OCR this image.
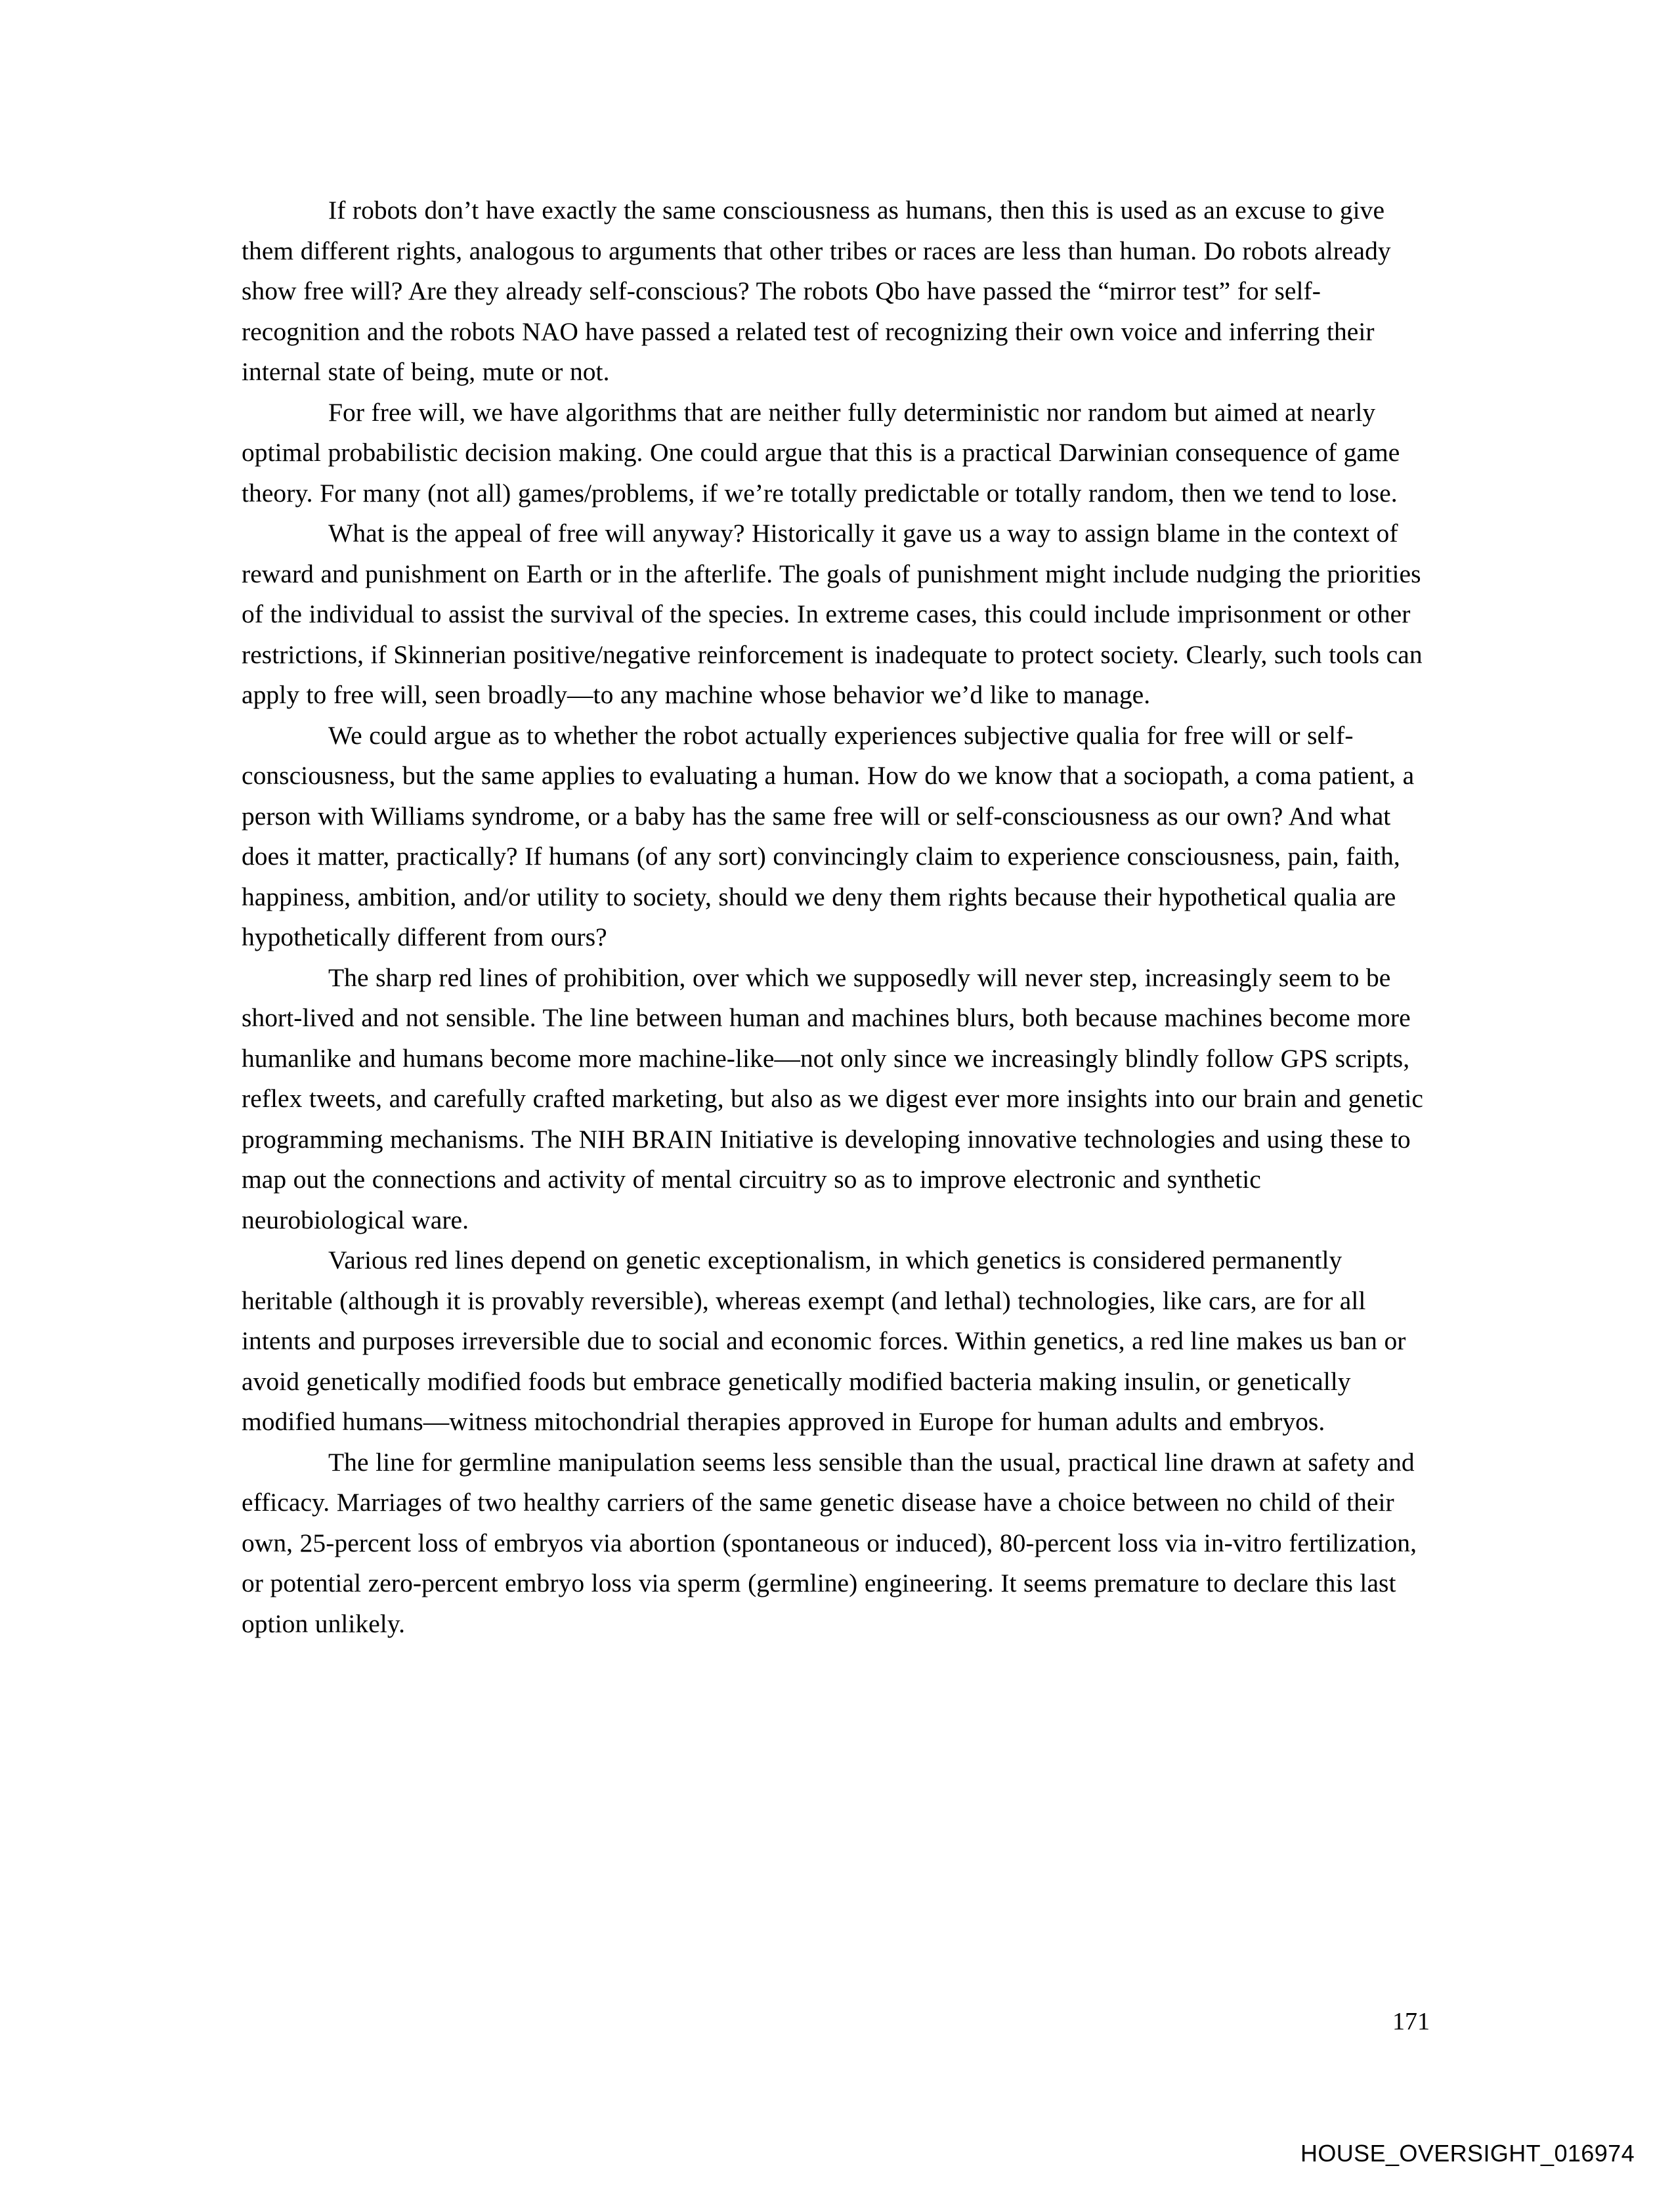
If robots don’t have exactly the same consciousness as humans, then this is used as an excuse to give them different rights, analogous to arguments that other tribes or races are less than human. Do robots already show free will? Are they already self-conscious? The robots Qbo have passed the “mirror test” for self-recognition and the robots NAO have passed a related test of recognizing their own voice and inferring their internal state of being, mute or not.

For free will, we have algorithms that are neither fully deterministic nor random but aimed at nearly optimal probabilistic decision making. One could argue that this is a practical Darwinian consequence of game theory. For many (not all) games/problems, if we’re totally predictable or totally random, then we tend to lose.

What is the appeal of free will anyway? Historically it gave us a way to assign blame in the context of reward and punishment on Earth or in the afterlife. The goals of punishment might include nudging the priorities of the individual to assist the survival of the species. In extreme cases, this could include imprisonment or other restrictions, if Skinnerian positive/negative reinforcement is inadequate to protect society. Clearly, such tools can apply to free will, seen broadly—to any machine whose behavior we’d like to manage.

We could argue as to whether the robot actually experiences subjective qualia for free will or self-consciousness, but the same applies to evaluating a human. How do we know that a sociopath, a coma patient, a person with Williams syndrome, or a baby has the same free will or self-consciousness as our own? And what does it matter, practically? If humans (of any sort) convincingly claim to experience consciousness, pain, faith, happiness, ambition, and/or utility to society, should we deny them rights because their hypothetical qualia are hypothetically different from ours?

The sharp red lines of prohibition, over which we supposedly will never step, increasingly seem to be short-lived and not sensible. The line between human and machines blurs, both because machines become more humanlike and humans become more machine-like—not only since we increasingly blindly follow GPS scripts, reflex tweets, and carefully crafted marketing, but also as we digest ever more insights into our brain and genetic programming mechanisms. The NIH BRAIN Initiative is developing innovative technologies and using these to map out the connections and activity of mental circuitry so as to improve electronic and synthetic neurobiological ware.

Various red lines depend on genetic exceptionalism, in which genetics is considered permanently heritable (although it is provably reversible), whereas exempt (and lethal) technologies, like cars, are for all intents and purposes irreversible due to social and economic forces. Within genetics, a red line makes us ban or avoid genetically modified foods but embrace genetically modified bacteria making insulin, or genetically modified humans—witness mitochondrial therapies approved in Europe for human adults and embryos.

The line for germline manipulation seems less sensible than the usual, practical line drawn at safety and efficacy. Marriages of two healthy carriers of the same genetic disease have a choice between no child of their own, 25-percent loss of embryos via abortion (spontaneous or induced), 80-percent loss via in-vitro fertilization, or potential zero-percent embryo loss via sperm (germline) engineering. It seems premature to declare this last option unlikely.

171
HOUSE_OVERSIGHT_016974
